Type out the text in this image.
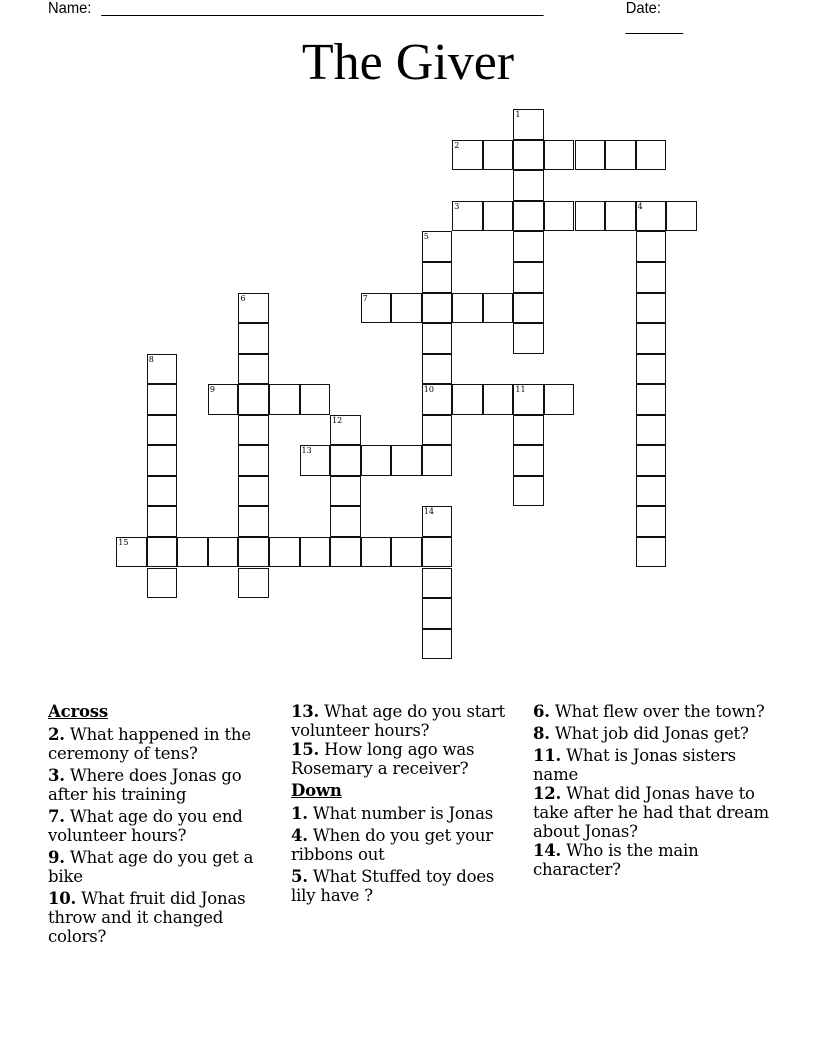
Name: ______________________________________________________	Date: _______
The Giver
1
2
3	4
5
10
6	7
8
9	11
12
13
14
15
Across
2. What happened in the ceremony of tens?
3. Where does Jonas go after his training
7. What age do you end volunteer hours?
9. What age do you get a bike
10. What fruit did Jonas throw and it changed colors?
13. What age do you start volunteer hours?
15. How long ago was Rosemary a receiver?
Down
1. What number is Jonas
4. When do you get your ribbons out
5. What Stuffed toy does lily have ?
6. What flew over the town?
8. What job did Jonas get?
11. What is Jonas sisters name
12. What did Jonas have to take after he had that dream about Jonas?
14. Who is the main character?
